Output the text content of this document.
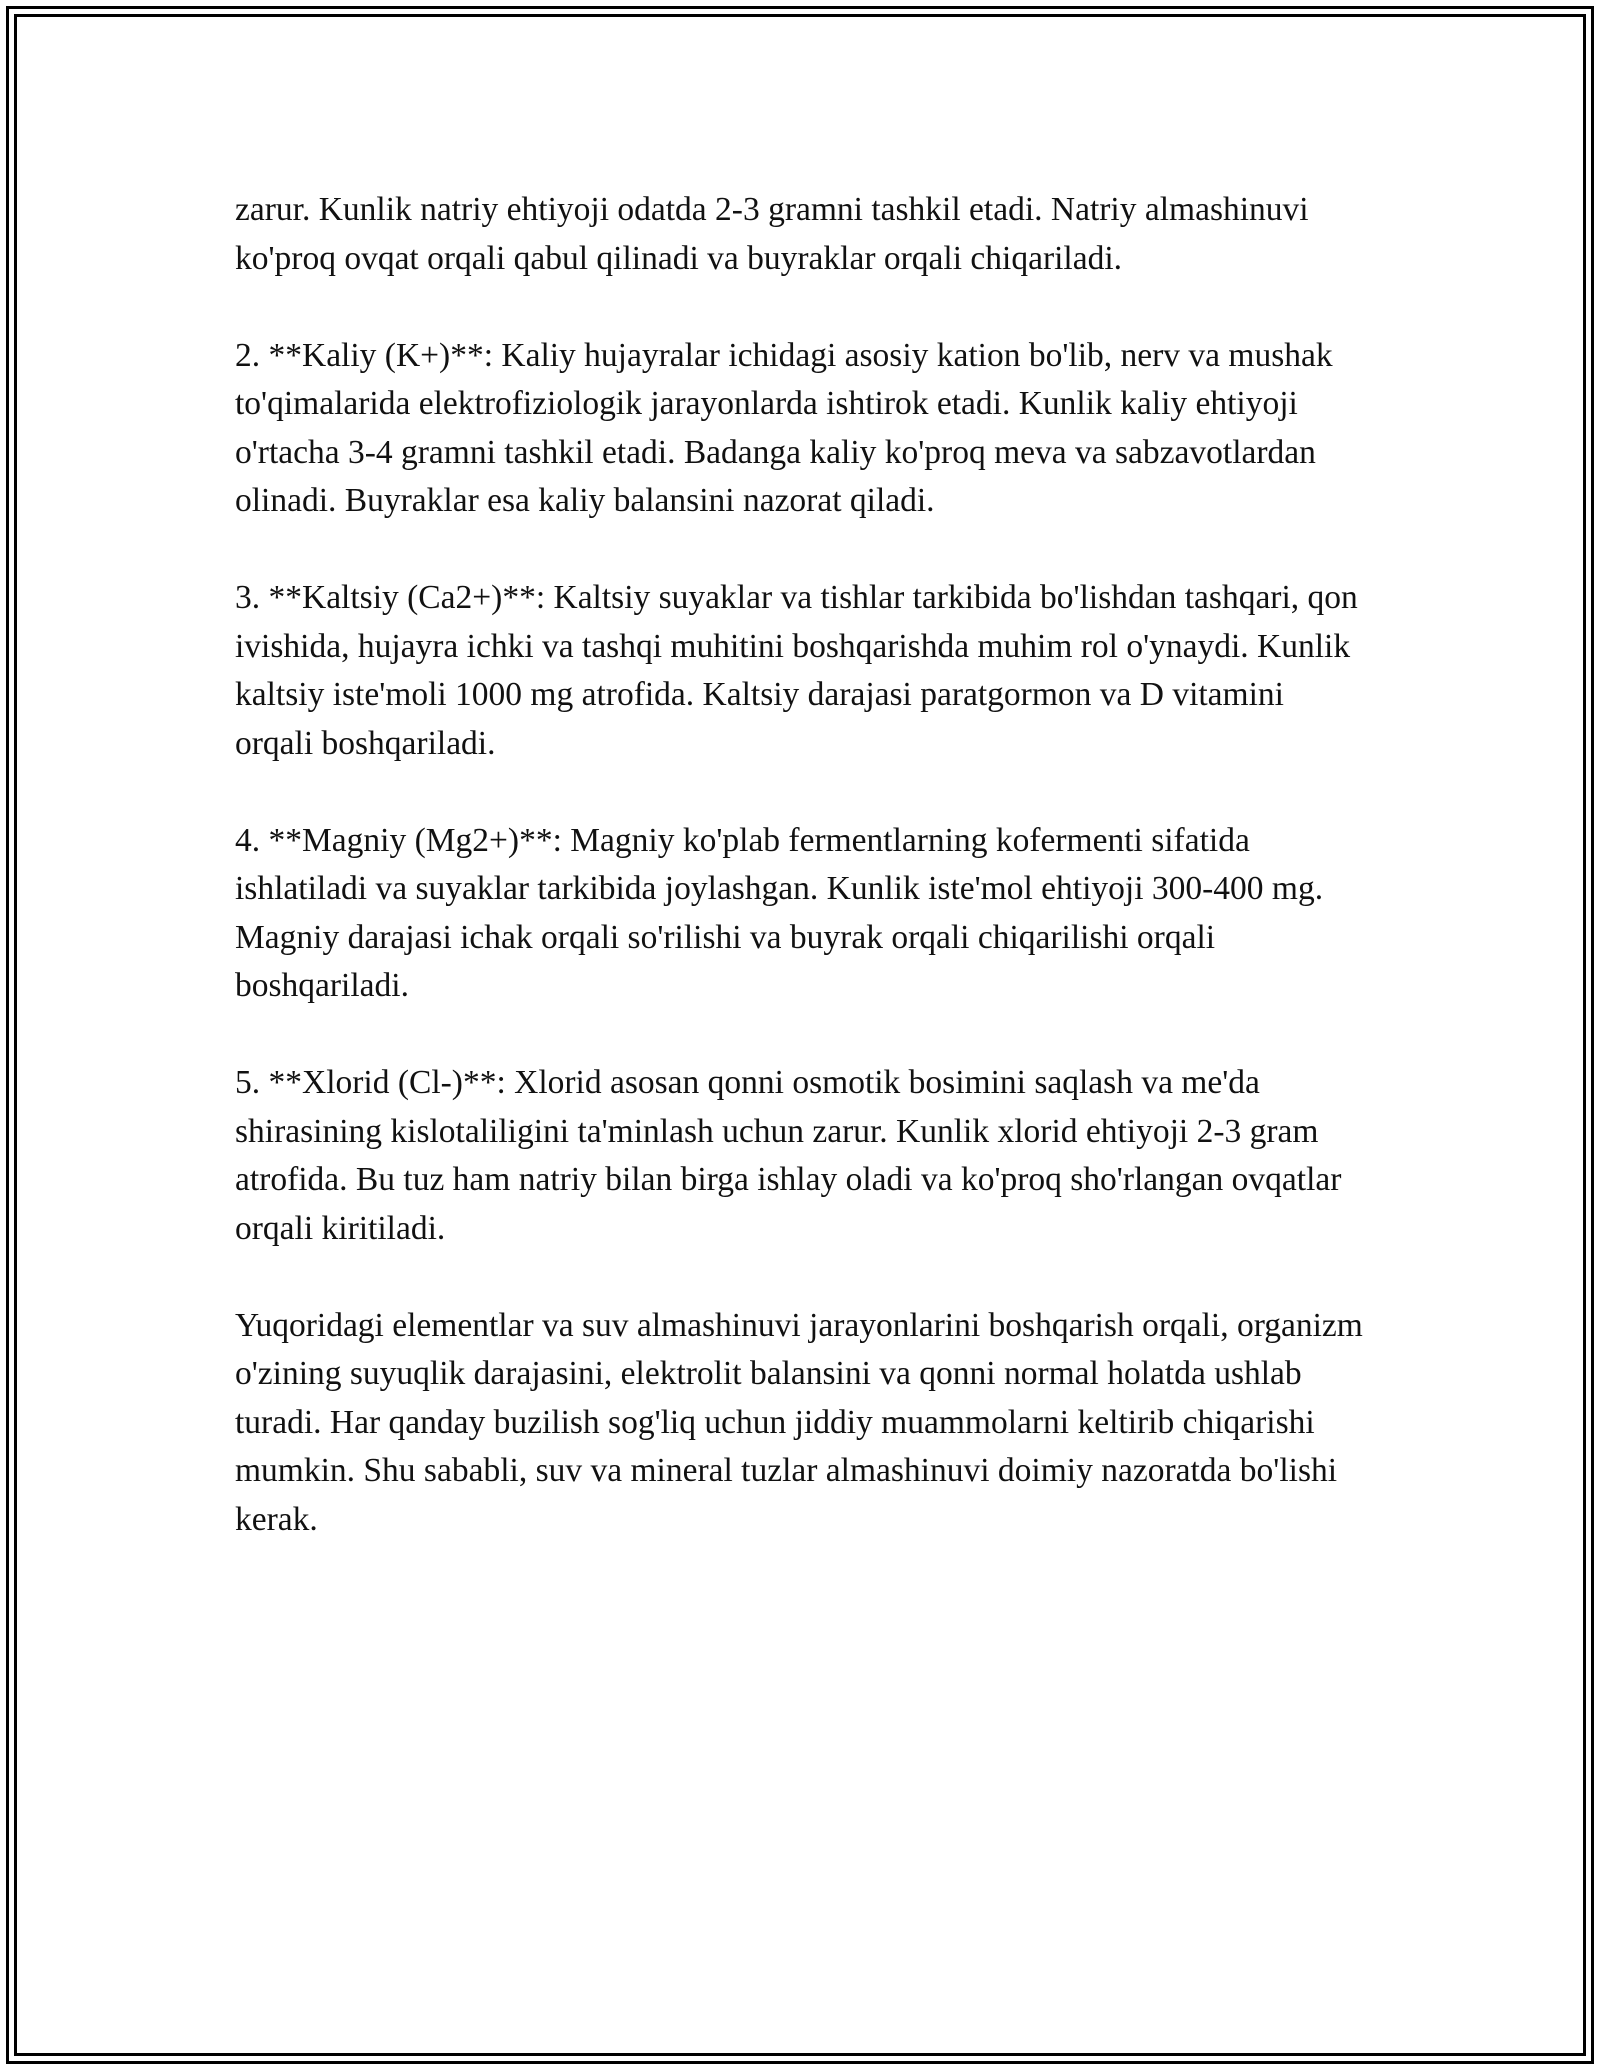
zarur. Kunlik natriy ehtiyoji odatda 2-3 gramni tashkil etadi. Natriy almashinuvi ko'proq ovqat orqali qabul qilinadi va buyraklar orqali chiqariladi.

2. **Kaliy (K+)**: Kaliy hujayralar ichidagi asosiy kation bo'lib, nerv va mushak to'qimalarida elektrofiziologik jarayonlarda ishtirok etadi. Kunlik kaliy ehtiyoji o'rtacha 3-4 gramni tashkil etadi. Badanga kaliy ko'proq meva va sabzavotlardan olinadi. Buyraklar esa kaliy balansini nazorat qiladi.

3. **Kaltsiy (Ca2+)**: Kaltsiy suyaklar va tishlar tarkibida bo'lishdan tashqari, qon ivishida, hujayra ichki va tashqi muhitini boshqarishda muhim rol o'ynaydi. Kunlik kaltsiy iste'moli 1000 mg atrofida. Kaltsiy darajasi paratgormon va D vitamini orqali boshqariladi.

4. **Magniy (Mg2+)**: Magniy ko'plab fermentlarning kofermenti sifatida ishlatiladi va suyaklar tarkibida joylashgan. Kunlik iste'mol ehtiyoji 300-400 mg. Magniy darajasi ichak orqali so'rilishi va buyrak orqali chiqarilishi orqali boshqariladi.

5. **Xlorid (Cl-)**: Xlorid asosan qonni osmotik bosimini saqlash va me'da shirasining kislotaliligini ta'minlash uchun zarur. Kunlik xlorid ehtiyoji 2-3 gram atrofida. Bu tuz ham natriy bilan birga ishlay oladi va ko'proq sho'rlangan ovqatlar orqali kiritiladi.

Yuqoridagi elementlar va suv almashinuvi jarayonlarini boshqarish orqali, organizm o'zining suyuqlik darajasini, elektrolit balansini va qonni normal holatda ushlab turadi. Har qanday buzilish sog'liq uchun jiddiy muammolarni keltirib chiqarishi mumkin. Shu sababli, suv va mineral tuzlar almashinuvi doimiy nazoratda bo'lishi kerak.
